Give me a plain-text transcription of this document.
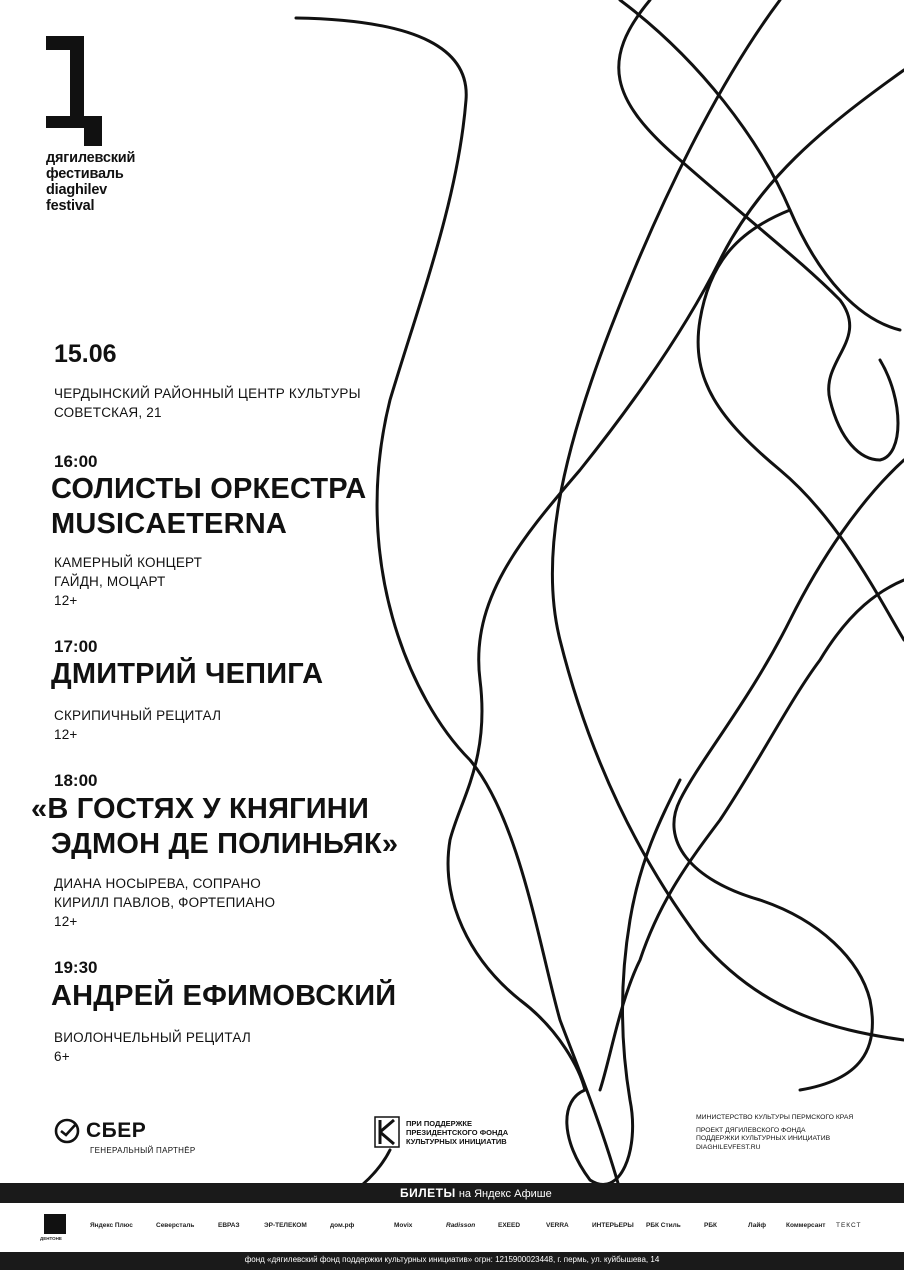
дягилевский
фестиваль
diaghilev
festival
15.06
ЧЕРДЫНСКИЙ РАЙОННЫЙ ЦЕНТР КУЛЬТУРЫ
СОВЕТСКАЯ, 21
16:00
СОЛИСТЫ ОРКЕСТРА
MUSICAETERNA
КАМЕРНЫЙ КОНЦЕРТ
ГАЙДН, МОЦАРТ
12+
17:00
ДМИТРИЙ ЧЕПИГА
СКРИПИЧНЫЙ РЕЦИТАЛ
12+
18:00
«В ГОСТЯХ У КНЯГИНИ
ЭДМОН ДЕ ПОЛИНЬЯК»
ДИАНА НОСЫРЕВА, СОПРАНО
КИРИЛЛ ПАВЛОВ, ФОРТЕПИАНО
12+
19:30
АНДРЕЙ ЕФИМОВСКИЙ
ВИОЛОНЧЕЛЬНЫЙ РЕЦИТАЛ
6+
СБЕР
ГЕНЕРАЛЬНЫЙ ПАРТНЁР
ПРИ ПОДДЕРЖКЕ
ПРЕЗИДЕНТСКОГО ФОНДА
КУЛЬТУРНЫХ ИНИЦИАТИВ
МИНИСТЕРСТВО КУЛЬТУРЫ ПЕРМСКОГО КРАЯ
ПРОЕКТ ДЯГИЛЕВСКОГО ФОНДА
ПОДДЕРЖКИ КУЛЬТУРНЫХ ИНИЦИАТИВ
DIAGHILEVFEST.RU
БИЛЕТЫ на Яндекс Афише
ДЕНТОНЕ
Яндекс Плюс	Северсталь	ЕВРАЗ	ЭР-ТЕЛЕКОМ	дом.рф	Movix	Radisson	EXEED	VERRA	ИНТЕРЬЕРЫ РБК Стиль	РБК	Лайф	Коммерсант ТЕКСТ
фонд «дягилевский фонд поддержки культурных инициатив» огрн: 1215900023448, г. пермь, ул. куйбышева, 14
